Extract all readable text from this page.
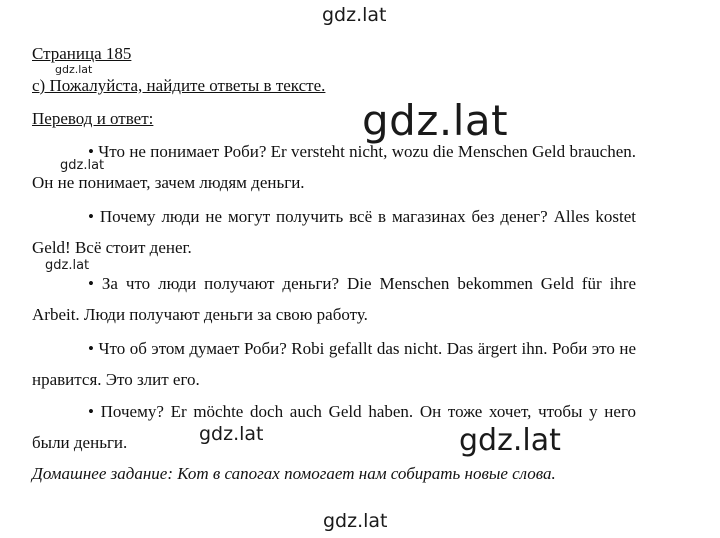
gdz.lat
Страница 185
gdz.lat
с) Пожалуйста, найдите ответы в тексте.
Перевод и ответ:
• Что не понимает Роби? Er versteht nicht, wozu die Menschen Geld brauchen. Он не понимает, зачем людям деньги.
• Почему люди не могут получить всё в магазинах без денег? Alles kostet Geld! Всё стоит денег.
• За что люди получают деньги? Die Menschen bekommen Geld für ihre Arbeit. Люди получают деньги за свою работу.
• Что об этом думает Роби? Robi gefallt das nicht. Das ärgert ihn. Роби это не нравится. Это злит его.
• Почему? Er möchte doch auch Geld haben. Он тоже хочет, чтобы у него были деньги.
Домашнее задание: Кот в сапогах помогает нам собирать новые слова.
gdz.lat
gdz.lat
gdz.lat
gdz.lat	gdz.lat
gdz.lat
